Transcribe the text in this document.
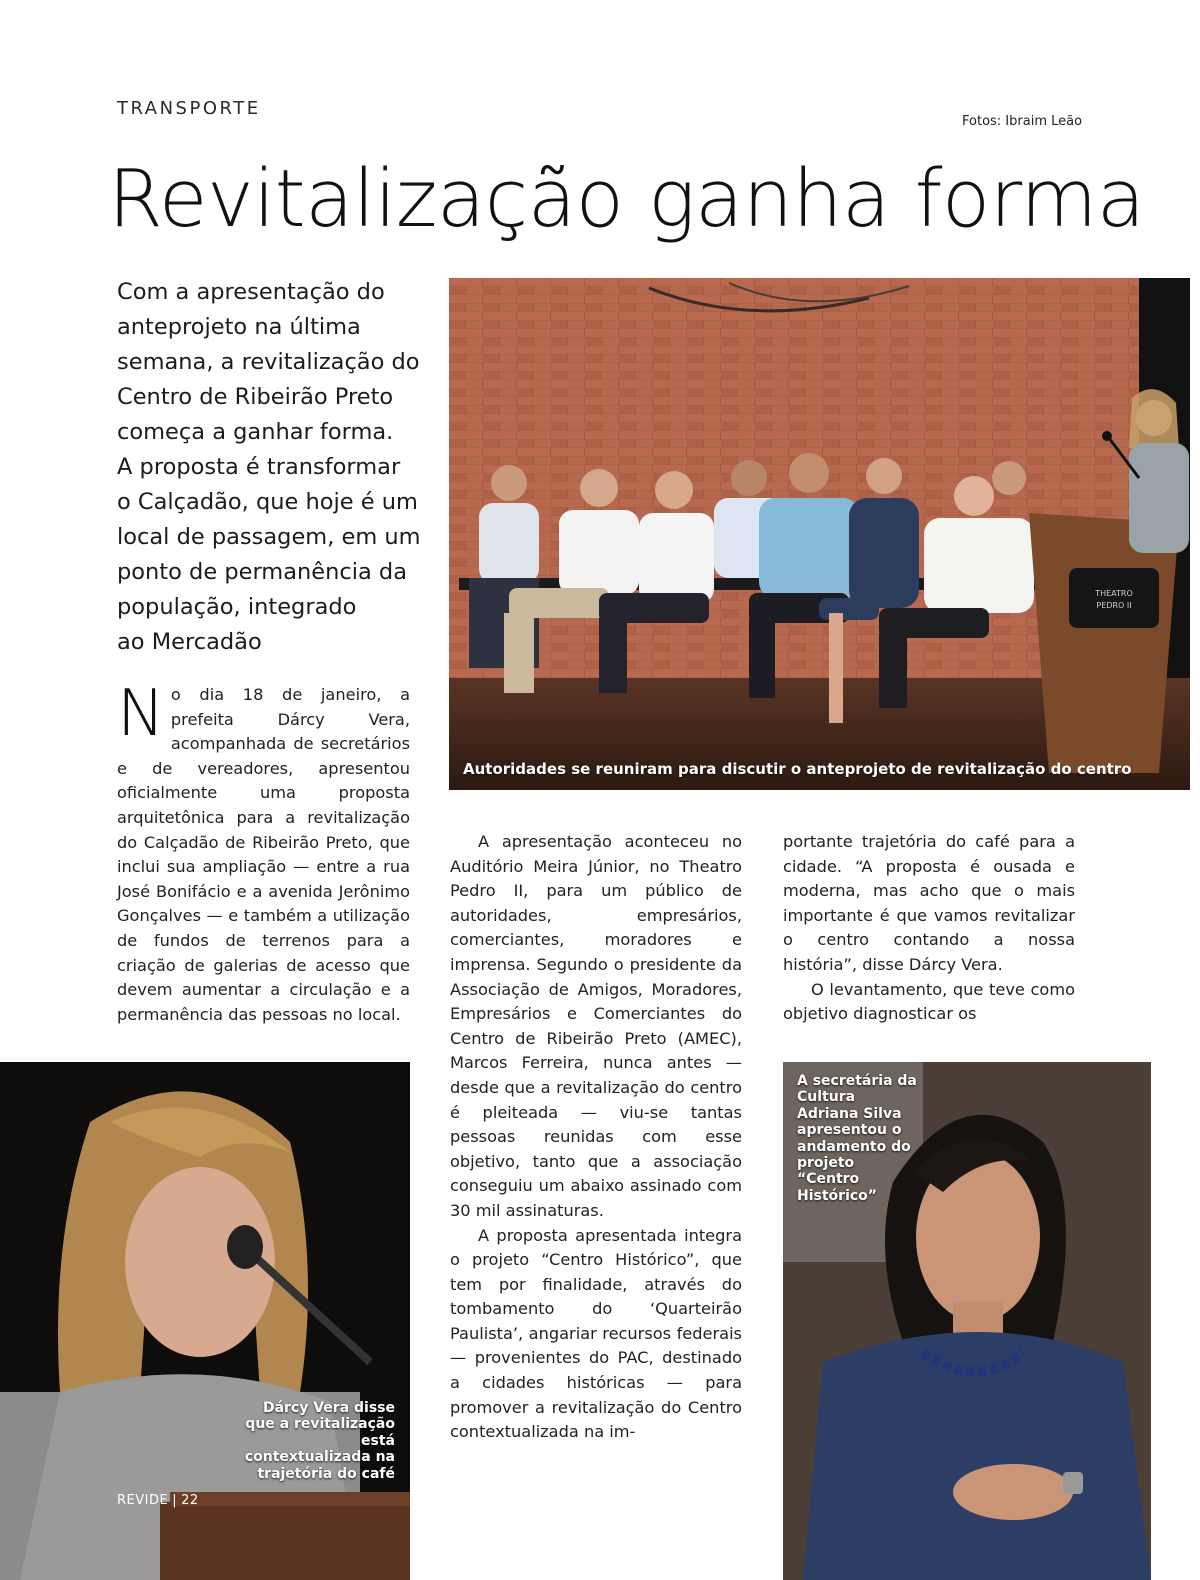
TRANSPORTE
Fotos: Ibraim Leão
Revitalização ganha forma
Com a apresentação do
anteprojeto na última
semana, a revitalização do
Centro de Ribeirão Preto
começa a ganhar forma.
A proposta é transformar
o Calçadão, que hoje é um
local de passagem, em um
ponto de permanência da
população, integrado
ao Mercadão
THEATRO
PEDRO II
Autoridades se reuniram para discutir o anteprojeto de revitalização do centro
N o dia 18 de janeiro, a prefeita Dárcy Vera, acompanhada de secretários e de vereadores, apresentou oficialmente uma proposta arquitetônica para a revitalização do Calçadão de Ribeirão Preto, que inclui sua ampliação — entre a rua José Bonifácio e a avenida Jerônimo Gonçalves — e também a utilização de fundos de terrenos para a criação de galerias de acesso que devem aumentar a circulação e a permanência das pessoas no local.

A apresentação aconteceu no Auditório Meira Júnior, no Theatro Pedro II, para um público de autoridades, empresários, comerciantes, moradores e imprensa. Segundo o presidente da Associação de Amigos, Moradores, Empresários e Comerciantes do Centro de Ribeirão Preto (AMEC), Marcos Ferreira, nunca antes — desde que a revitalização do centro é pleiteada — viu-se tantas pessoas reunidas com esse objetivo, tanto que a associação conseguiu um abaixo assinado com 30 mil assinaturas.

A proposta apresentada integra o projeto “Centro Histórico”, que tem por finalidade, através do tombamento do ‘Quarteirão Paulista’, angariar recursos federais — provenientes do PAC, destinado a cidades históricas — para promover a revitalização do Centro contextualizada na im-

portante trajetória do café para a cidade. “A proposta é ousada e moderna, mas acho que o mais importante é que vamos revitalizar o centro contando a nossa história”, disse Dárcy Vera.

O levantamento, que teve como objetivo diagnosticar os

Dárcy Vera disse que a revitalização está contextualizada na trajetória do café
A secretária da Cultura Adriana Silva apresentou o andamento do projeto “Centro Histórico”
REVIDE | 22
